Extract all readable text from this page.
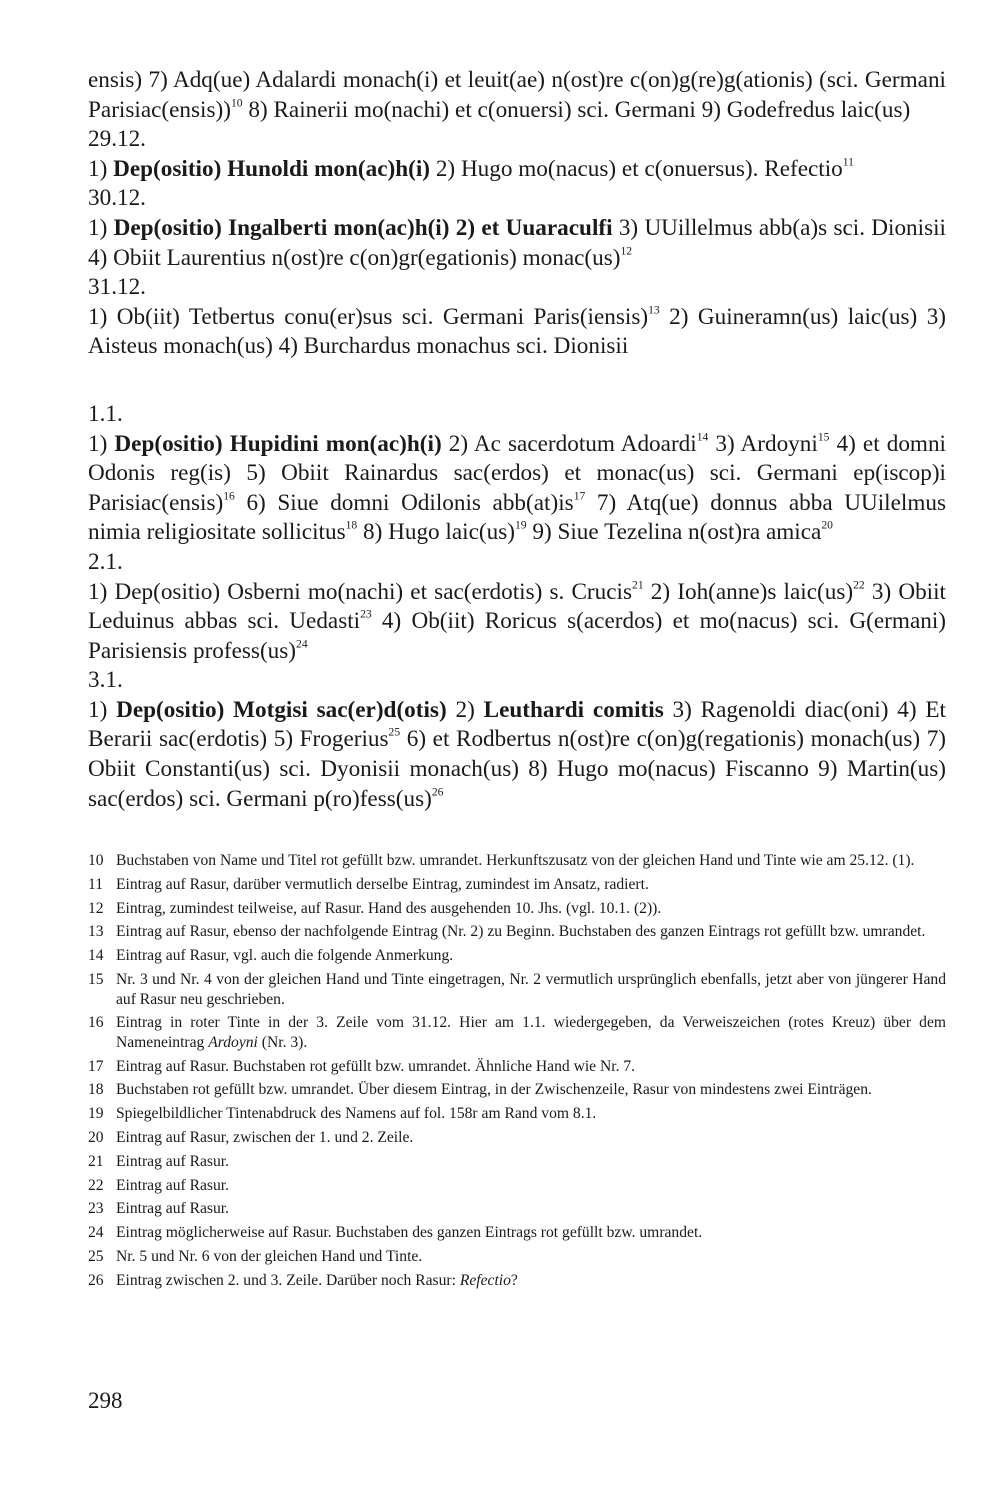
ensis) 7) Adq(ue) Adalardi monach(i) et leuit(ae) n(ost)re c(on)g(re)g(ationis) (sci. Germani Parisiac(ensis))$^{10}$ 8) Rainerii mo(nachi) et c(onuersi) sci. Germani 9) Godefredus laic(us)

29.12.

1) Dep(ositio) Hunoldi mon(ac)h(i) 2) Hugo mo(nacus) et c(onuersus). Refectio$^{11}$

30.12.

1) Dep(ositio) Ingalberti mon(ac)h(i) 2) et Uuaraculfi 3) UUillelmus abb(a)s sci. Dionisii 4) Obiit Laurentius n(ost)re c(on)gr(egationis) monac(us)$^{12}$

31.12.

1) Ob(iit) Tetbertus conu(er)sus sci. Germani Paris(iensis)$^{13}$ 2) Guineramn(us) laic(us) 3) Aisteus monach(us) 4) Burchardus monachus sci. Dionisii

1.1.

1) Dep(ositio) Hupidini mon(ac)h(i) 2) Ac sacerdotum Adoardi$^{14}$ 3) Ardoyni$^{15}$ 4) et domni Odonis reg(is) 5) Obiit Rainardus sac(erdos) et monac(us) sci. Germani ep(iscop)i Parisiac(ensis)$^{16}$ 6) Siue domni Odilonis $abb(at)is^{17}$ 7) Atq(ue) donnus abba UUilelmus nimia religiositate sollicitus$^{18}$ 8) Hugo laic(us)$^{19}$ 9) Siue Tezelina n(ost)ra amica$^{20}$

2.1.

1) Dep(ositio) Osberni mo(nachi) et sac(erdotis) s. Crucis$^{21}$ 2) Ioh(anne)s laic(us)$^{22}$ 3) Obiit Leduinus abbas sci. Uedasti$^{23}$ 4) Ob(iit) Roricus s(acerdos) et mo(nacus) sci. G(ermani) Parisiensis profess(us)$^{24}$

3.1.

1) Dep(ositio) Motgisi sac(er)d(otis) 2) Leuthardi comitis 3) Ragenoldi diac(oni) 4) Et Berarii sac(erdotis) 5) Frogerius$^{25}$ 6) et Rodbertus n(ost)re c(on)g(regationis) monach(us) 7) Obiit Constanti(us) sci. Dyonisii monach(us) 8) Hugo mo(nacus) Fiscanno 9) Martin(us) sac(erdos) sci. Germani p(ro)fess(us)$^{26}$

10 Buchstaben von Name und Titel rot gefüllt bzw. umrandet. Herkunftszusatz von der gleichen Hand und Tinte wie am 25.12. (1).
11 Eintrag auf Rasur, darüber vermutlich derselbe Eintrag, zumindest im Ansatz, radiert.
12 Eintrag, zumindest teilweise, auf Rasur. Hand des ausgehenden 10. Jhs. (vgl. 10.1. (2)).
13 Eintrag auf Rasur, ebenso der nachfolgende Eintrag (Nr. 2) zu Beginn. Buchstaben des ganzen Eintrags rot gefüllt bzw. umrandet.
14 Eintrag auf Rasur, vgl. auch die folgende Anmerkung.
15 Nr. 3 und Nr. 4 von der gleichen Hand und Tinte eingetragen, Nr. 2 vermutlich ursprünglich ebenfalls, jetzt aber von jüngerer Hand auf Rasur neu geschrieben.
16 Eintrag in roter Tinte in der 3. Zeile vom 31.12. Hier am 1.1. wiedergegeben, da Verweiszeichen (rotes Kreuz) über dem Nameneintrag Ardoyni (Nr. 3).
17 Eintrag auf Rasur. Buchstaben rot gefüllt bzw. umrandet. Ähnliche Hand wie Nr. 7.
18 Buchstaben rot gefüllt bzw. umrandet. Über diesem Eintrag, in der Zwischenzeile, Rasur von mindestens zwei Einträgen.
19 Spiegelbildlicher Tintenabdruck des Namens auf fol. 158r am Rand vom 8.1.
20 Eintrag auf Rasur, zwischen der 1. und 2. Zeile.
21 Eintrag auf Rasur.
22 Eintrag auf Rasur.
23 Eintrag auf Rasur.
24 Eintrag möglicherweise auf Rasur. Buchstaben des ganzen Eintrags rot gefüllt bzw. umrandet.
25 Nr. 5 und Nr. 6 von der gleichen Hand und Tinte.
26 Eintrag zwischen 2. und 3. Zeile. Darüber noch Rasur: Refectio?
298
